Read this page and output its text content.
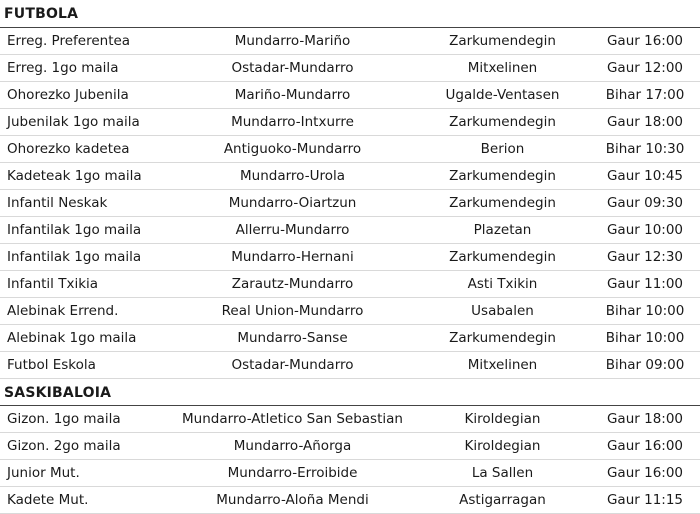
FUTBOLA
Erreg. Preferentea	Mundarro-Mariño	Zarkumendegin	Gaur 16:00
Erreg. 1go maila	Ostadar-Mundarro	Mitxelinen	Gaur 12:00
Ohorezko Jubenila	Mariño-Mundarro	Ugalde-Ventasen	Bihar 17:00
Jubenilak 1go maila	Mundarro-Intxurre	Zarkumendegin	Gaur 18:00
Ohorezko kadetea	Antiguoko-Mundarro	Berion	Bihar 10:30
Kadeteak 1go maila	Mundarro-Urola	Zarkumendegin	Gaur 10:45
Infantil Neskak	Mundarro-Oiartzun	Zarkumendegin	Gaur 09:30
Infantilak 1go maila	Allerru-Mundarro	Plazetan	Gaur 10:00
Infantilak 1go maila	Mundarro-Hernani	Zarkumendegin	Gaur 12:30
Infantil Txikia	Zarautz-Mundarro	Asti Txikin	Gaur 11:00
Alebinak Errend.	Real Union-Mundarro	Usabalen	Bihar 10:00
Alebinak 1go maila	Mundarro-Sanse	Zarkumendegin	Bihar 10:00
Futbol Eskola	Ostadar-Mundarro	Mitxelinen	Bihar 09:00
SASKIBALOIA
Gizon. 1go maila	Mundarro-Atletico San Sebastian	Kiroldegian	Gaur 18:00
Gizon. 2go maila	Mundarro-Añorga	Kiroldegian	Gaur 16:00
Junior Mut.	Mundarro-Erroibide	La Sallen	Gaur 16:00
Kadete Mut.	Mundarro-Aloña Mendi	Astigarragan	Gaur 11:15
